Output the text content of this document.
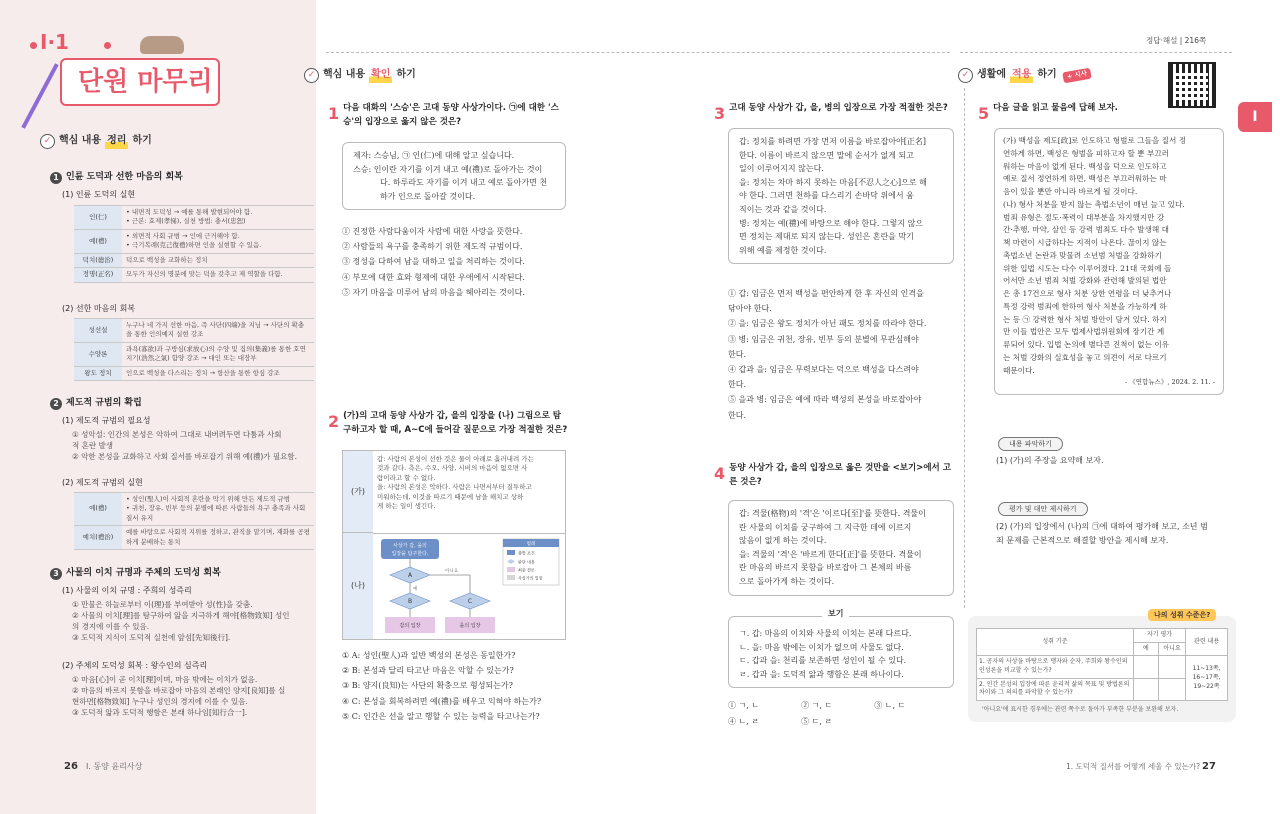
Ⅰ·1
단원 마무리
✓ 핵심 내용 정리 하기
1 인륜 도덕과 선한 마음의 회복
(1) 인륜 도덕의 실현
인(仁)	• 내면적 도덕성 → 예를 통해 발현되어야 함.
• 근본: 효제(孝悌), 실천 방법: 충서(忠恕)
예(禮)	• 외면적 사회 규범 → 인에 근거해야 함.
• 극기복례(克己復禮)하면 인을 실현할 수 있음.
덕치(德治)	덕으로 백성을 교화하는 정치
정명(正名)	모두가 자신의 명분에 맞는 덕을 갖추고 제 역할을 다함.
(2) 선한 마음의 회복
성선설	누구나 네 가지 선한 마음, 즉 사단(四端)을 지님 → 사단의 확충을 통한 인의예지 실현 강조
수양론	과욕(寡欲)과 구방심(求放心)의 수양 및 집의(集義)를 통한 호연지기(浩然之氣) 함양 강조 → 대인 또는 대장부
왕도 정치	인으로 백성을 다스리는 정치 → 항산을 통한 항심 강조
2 제도적 규범의 확립
(1) 제도적 규범의 필요성
① 성악설: 인간의 본성은 악하여 그대로 내버려두면 다툼과 사회
적 혼란 발생
② 악한 본성을 교화하고 사회 질서를 바로잡기 위해 예(禮)가 필요함.
(2) 제도적 규범의 실현
예(禮)	• 성인(聖人)이 사회적 혼란을 막기 위해 만든 제도적 규범
• 귀천, 장유, 빈부 등의 분별에 따른 사람들의 욕구 충족과 사회 질서 유지
예치(禮治)	예를 바탕으로 사회적 지위를 정하고, 관직을 맡기며, 재화를 공평하게 분배하는 통치
3 사물의 이치 규명과 주체의 도덕성 회복
(1) 사물의 이치 규명 : 주희의 성즉리
① 만물은 하늘로부터 이(理)를 부여받아 성(性)을 갖춤.
② 사물의 이치[理]를 탐구하여 앎을 지극하게 해야[格物致知] 성인
의 경지에 이를 수 있음.
③ 도덕적 지식이 도덕적 실천에 앞섬[先知後行].
(2) 주체의 도덕성 회복 : 왕수인의 심즉리
① 마음[心]이 곧 이치[理]이며, 마음 밖에는 이치가 없음.
② 마음의 바르지 못함을 바로잡아 마음의 본래인 양지[良知]를 실
현하면[格物致知] 누구나 성인의 경지에 이를 수 있음.
③ 도덕적 앎과 도덕적 행함은 본래 하나임[知行合一].
26 Ⅰ. 동양 윤리사상
정답·해설 | 216쪽
✓ 핵심 내용 확인 하기
1 다음 대화의 '스승'은 고대 동양 사상가이다. ㉠에 대한 '스승'의 입장으로 옳지 않은 것은?
제자: 스승님, ㉠ 인(仁)에 대해 알고 싶습니다.
스승: 인이란 자기를 이겨 내고 예(禮)로 돌아가는 것이
다. 하루라도 자기를 이겨 내고 예로 돌아가면 천
하가 인으로 돌아갈 것이다.
① 진정한 사람다움이자 사람에 대한 사랑을 뜻한다.
② 사람들의 욕구를 충족하기 위한 제도적 규범이다.
③ 정성을 다하여 남을 대하고 일을 처리하는 것이다.
④ 부모에 대한 효와 형제에 대한 우애에서 시작된다.
⑤ 자기 마음을 미루어 남의 마음을 헤아리는 것이다.
2 (가)의 고대 동양 사상가 갑, 을의 입장을 (나) 그림으로 탐구하고자 할 때, A~C에 들어갈 질문으로 가장 적절한 것은?
(가)
갑: 사람의 본성이 선한 것은 물이 아래로 흘러내려 가는
것과 같다. 측은, 수오, 사양, 시비의 마음이 없으면 사
람이라고 할 수 없다.
을: 사람의 본성은 악하다. 사람은 나면서부터 질투하고
미워하는데, 이것을 따르기 때문에 남을 해치고 상하
게 하는 일이 생긴다.
(나)
사상가 갑, 을의
입장을 탐구한다.
A
아니요
예
B	C
갑의 입장	을의 입장
범례
출발 조건
판단 내용
최종 결론
사상가의 입장
① A: 성인(聖人)과 일반 백성의 본성은 동일한가?
② B: 본성과 달리 타고난 마음은 악할 수 있는가?
③ B: 양지(良知)는 사단의 확충으로 형성되는가?
④ C: 본성을 회복하려면 예(禮)를 배우고 익혀야 하는가?
⑤ C: 인간은 선을 알고 행할 수 있는 능력을 타고나는가?
3 고대 동양 사상가 갑, 을, 병의 입장으로 가장 적절한 것은?
갑: 정치를 하려면 가장 먼저 이름을 바로잡아야[正名]
한다. 이름이 바르지 않으면 말에 순서가 없게 되고
일이 이루어지지 않는다.
을: 정치는 차마 하지 못하는 마음[不忍人之心]으로 해
야 한다. 그러면 천하를 다스리기 손바닥 위에서 움
직이는 것과 같을 것이다.
병: 정치는 예(禮)에 바탕으로 해야 한다. 그렇지 않으
면 정치는 제대로 되지 않는다. 성인은 혼란을 막기
위해 예를 제정한 것이다.
① 갑: 임금은 먼저 백성을 편안하게 한 후 자신의 인격을
닦아야 한다.
② 을: 임금은 왕도 정치가 아닌 패도 정치를 따라야 한다.
③ 병: 임금은 귀천, 장유, 빈부 등의 분별에 무관심해야
한다.
④ 갑과 을: 임금은 무력보다는 덕으로 백성을 다스려야
한다.
⑤ 을과 병: 임금은 예에 따라 백성의 본성을 바로잡아야
한다.
4 동양 사상가 갑, 을의 입장으로 옳은 것만을 <보기>에서 고른 것은?
갑: 격물(格物)의 '격'은 '이르다[至]'를 뜻한다. 격물이
란 사물의 이치를 궁구하여 그 지극한 데에 이르지
않음이 없게 하는 것이다.
을: 격물의 '격'은 '바르게 한다[正]'를 뜻한다. 격물이
란 마음의 바르지 못함을 바로잡아 그 본체의 바름
으로 돌아가게 하는 것이다.
ㄱ. 갑: 마음의 이치와 사물의 이치는 본래 다르다.
ㄴ. 을: 마음 밖에는 이치가 없으며 사물도 없다.
ㄷ. 갑과 을: 천리를 보존하면 성인이 될 수 있다.
ㄹ. 갑과 을: 도덕적 앎과 행함은 본래 하나이다.
보기
① ㄱ, ㄴ	② ㄱ, ㄷ	③ ㄴ, ㄷ
④ ㄴ, ㄹ	⑤ ㄷ, ㄹ
✓ 생활에 적용 하기	+ 시사
5 다음 글을 읽고 물음에 답해 보자.
(가) 백성을 제도[政]로 인도하고 형벌로 그들을 질서 정
연하게 하면, 백성은 형벌을 피하고자 할 뿐 부끄러
워하는 마음이 없게 된다. 백성을 덕으로 인도하고
예로 질서 정연하게 하면, 백성은 부끄러워하는 마
음이 있을 뿐만 아니라 바르게 될 것이다.
(나) 형사 처분을 받지 않는 촉법소년이 매년 늘고 있다.
범죄 유형은 절도·폭력이 대부분을 차지했지만 강
간·추행, 마약, 살인 등 강력 범죄도 다수 발생해 대
책 마련이 시급하다는 지적이 나온다. 끊이지 않는
촉법소년 논란과 맞물려 소년범 처벌을 강화하기
위한 입법 시도는 다수 이루어졌다. 21대 국회에 들
어서만 소년 범죄 처벌 강화와 관련해 발의된 법안
은 총 17건으로 형사 처분 상한 연령을 더 낮추거나
특정 강력 범죄에 한하여 형사 처분을 가능하게 하
는 등 ㉠ 강력한 형사 처벌 방안이 담겨 있다. 하지
만 이들 법안은 모두 법제사법위원회에 장기간 계
류되어 있다. 입법 논의에 별다른 진척이 없는 이유
는 처벌 강화의 실효성을 놓고 의견이 서로 다르기
때문이다.
- 《연합뉴스》, 2024. 2. 11. -
내용 파악하기
(1) (가)의 주장을 요약해 보자.
평가 및 대안 제시하기
(2) (가)의 입장에서 (나)의 ㉠에 대하여 평가해 보고, 소년 범
죄 문제를 근본적으로 해결할 방안을 제시해 보자.
나의 성취 수준은?
성취 기준	자기 평가		관련 내용
	예	아니요	
1. 공자의 사상을 바탕으로 맹자와 순자, 주희와 왕수인의 인성론을 비교할 수 있는가?			11~13쪽,
16~17쪽,
19~22쪽
2. 인간 본성의 입장에 따른 윤리적 삶의 목표 및 방법론의 차이와 그 의의를 파악할 수 있는가?			
'아니요'에 표시한 경우에는 관련 쪽수로 돌아가 부족한 부분을 보완해 보자.
Ⅰ
1. 도덕적 질서를 어떻게 세울 수 있는가? 27
